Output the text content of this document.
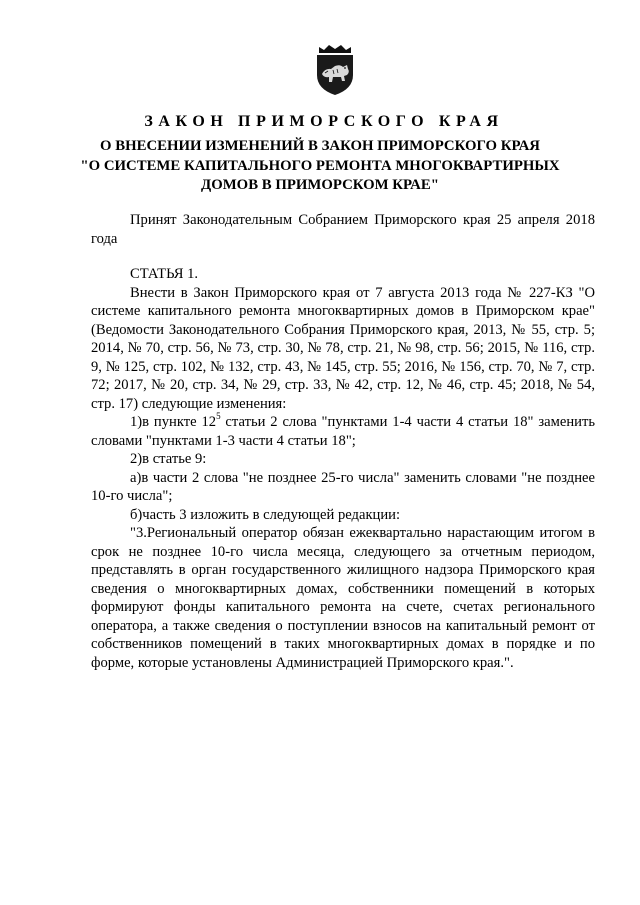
ЗАКОН ПРИМОРСКОГО КРАЯ
О ВНЕСЕНИИ ИЗМЕНЕНИЙ В ЗАКОН ПРИМОРСКОГО КРАЯ
"О СИСТЕМЕ КАПИТАЛЬНОГО РЕМОНТА МНОГОКВАРТИРНЫХ
ДОМОВ В ПРИМОРСКОМ КРАЕ"
Принят Законодательным Собранием Приморского края 25 апреля 2018 года

СТАТЬЯ 1.

Внести в Закон Приморского края от 7 августа 2013 года № 227-КЗ "О системе капитального ремонта многоквартирных домов в Приморском крае" (Ведомости Законодательного Собрания Приморского края, 2013, № 55, стр. 5; 2014, № 70, стр. 56, № 73, стр. 30, № 78, стр. 21, № 98, стр. 56; 2015, № 116, стр. 9, № 125, стр. 102, № 132, стр. 43, № 145, стр. 55; 2016, № 156, стр. 70, № 7, стр. 72; 2017, № 20, стр. 34, № 29, стр. 33, № 42, стр. 12, № 46, стр. 45; 2018, № 54, стр. 17) следующие изменения:

1)в пункте $12^5$ статьи 2 слова "пунктами 1-4 части 4 статьи 18" заменить словами "пунктами 1-3 части 4 статьи 18";

2)в статье 9:

а)в части 2 слова "не позднее 25-го числа" заменить словами "не позднее 10-го числа";

б)часть 3 изложить в следующей редакции:

"3.Региональный оператор обязан ежеквартально нарастающим итогом в срок не позднее 10-го числа месяца, следующего за отчетным периодом, представлять в орган государственного жилищного надзора Приморского края сведения о многоквартирных домах, собственники помещений в которых формируют фонды капитального ремонта на счете, счетах регионального оператора, а также сведения о поступлении взносов на капитальный ремонт от собственников помещений в таких многоквартирных домах в порядке и по форме, которые установлены Администрацией Приморского края.".
